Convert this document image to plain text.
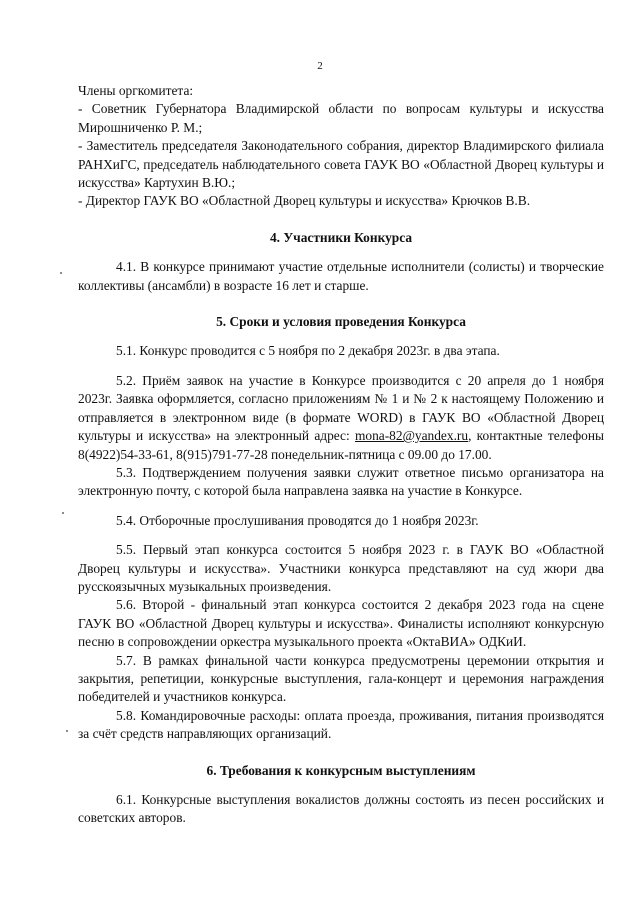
2

Члены оргкомитета:

- Советник Губернатора Владимирской области по вопросам культуры и искусства Мирошниченко Р. М.;

- Заместитель председателя Законодательного собрания, директор Владимирского филиала РАНХиГС, председатель наблюдательного совета ГАУК ВО «Областной Дворец культуры и искусства» Картухин В.Ю.;

- Директор ГАУК ВО «Областной Дворец культуры и искусства» Крючков В.В.

4. Участники Конкурса

4.1. В конкурсе принимают участие отдельные исполнители (солисты) и творческие коллективы (ансамбли) в возрасте 16 лет и старше.

5. Сроки и условия проведения Конкурса

5.1. Конкурс проводится с 5 ноября по 2 декабря 2023г. в два этапа.

5.2. Приём заявок на участие в Конкурсе производится с 20 апреля до 1 ноября 2023г. Заявка оформляется, согласно приложениям № 1 и № 2 к настоящему Положению и отправляется в электронном виде (в формате WORD) в ГАУК ВО «Областной Дворец культуры и искусства» на электронный адрес: mona-82@yandex.ru, контактные телефоны 8(4922)54-33-61, 8(915)791-77-28 понедельник-пятница с 09.00 до 17.00.

5.3. Подтверждением получения заявки служит ответное письмо организатора на электронную почту, с которой была направлена заявка на участие в Конкурсе.

5.4. Отборочные прослушивания проводятся до 1 ноября 2023г.

5.5. Первый этап конкурса состоится 5 ноября 2023 г. в ГАУК ВО «Областной Дворец культуры и искусства». Участники конкурса представляют на суд жюри два русскоязычных музыкальных произведения.

5.6. Второй - финальный этап конкурса состоится 2 декабря 2023 года на сцене ГАУК ВО «Областной Дворец культуры и искусства». Финалисты исполняют конкурсную песню в сопровождении оркестра музыкального проекта «ОктаВИА» ОДКиИ.

5.7. В рамках финальной части конкурса предусмотрены церемонии открытия и закрытия, репетиции, конкурсные выступления, гала-концерт и церемония награждения победителей и участников конкурса.

5.8. Командировочные расходы: оплата проезда, проживания, питания производятся за счёт средств направляющих организаций.

6. Требования к конкурсным выступлениям

6.1. Конкурсные выступления вокалистов должны состоять из песен российских и советских авторов.
